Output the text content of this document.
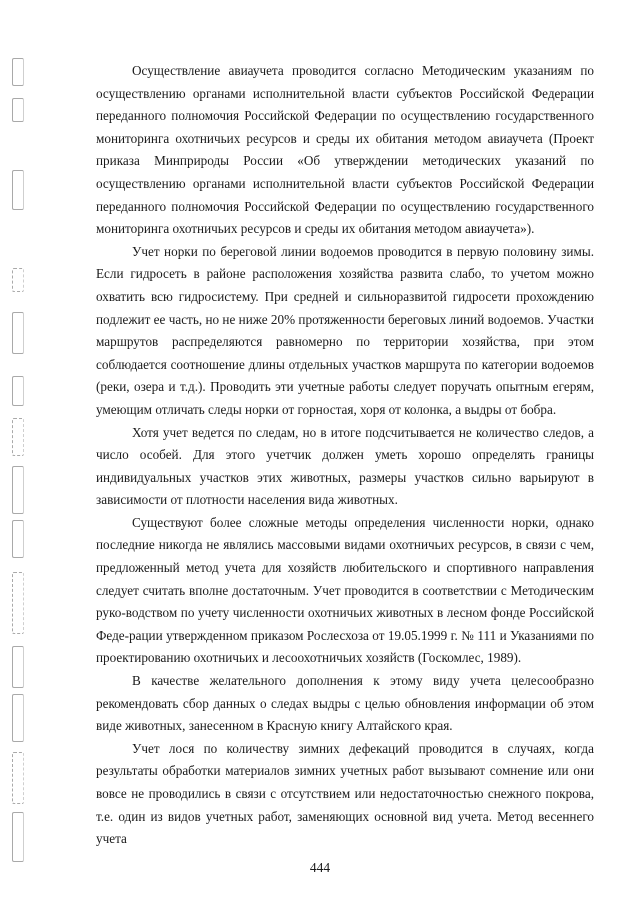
Осуществление авиаучета проводится согласно Методическим указаниям по осуществлению органами исполнительной власти субъектов Российской Федерации переданного полномочия Российской Федерации по осуществлению государственного мониторинга охотничьих ресурсов и среды их обитания методом авиаучета (Проект приказа Минприроды России «Об утверждении методических указаний по осуществлению органами исполнительной власти субъектов Российской Федерации переданного полномочия Российской Федерации по осуществлению государственного мониторинга охотничьих ресурсов и среды их обитания методом авиаучета»).

Учет норки по береговой линии водоемов проводится в первую половину зимы. Если гидросеть в районе расположения хозяйства развита слабо, то учетом можно охватить всю гидросистему. При средней и сильноразвитой гидросети прохождению подлежит ее часть, но не ниже 20% протяженности береговых линий водоемов. Участки маршрутов распределяются равномерно по территории хозяйства, при этом соблюдается соотношение длины отдельных участков маршрута по категории водоемов (реки, озера и т.д.). Проводить эти учетные работы следует поручать опытным егерям, умеющим отличать следы норки от горностая, хоря от колонка, а выдры от бобра.

Хотя учет ведется по следам, но в итоге подсчитывается не количество следов, а число особей. Для этого учетчик должен уметь хорошо определять границы индивидуальных участков этих животных, размеры участков сильно варьируют в зависимости от плотности населения вида животных.

Существуют более сложные методы определения численности норки, однако последние никогда не являлись массовыми видами охотничьих ресурсов, в связи с чем, предложенный метод учета для хозяйств любительского и спортивного направления следует считать вполне достаточным. Учет проводится в соответствии с Методическим руко-водством по учету численности охотничьих животных в лесном фонде Российской Феде-рации утвержденном приказом Рослесхоза от 19.05.1999 г. № 111 и Указаниями по проектированию охотничьих и лесоохотничьих хозяйств (Госкомлес, 1989).

В качестве желательного дополнения к этому виду учета целесообразно рекомендовать сбор данных о следах выдры с целью обновления информации об этом виде животных, занесенном в Красную книгу Алтайского края.

Учет лося по количеству зимних дефекаций проводится в случаях, когда результаты обработки материалов зимних учетных работ вызывают сомнение или они вовсе не проводились в связи с отсутствием или недостаточностью снежного покрова, т.е. один из видов учетных работ, заменяющих основной вид учета. Метод весеннего учета

444
